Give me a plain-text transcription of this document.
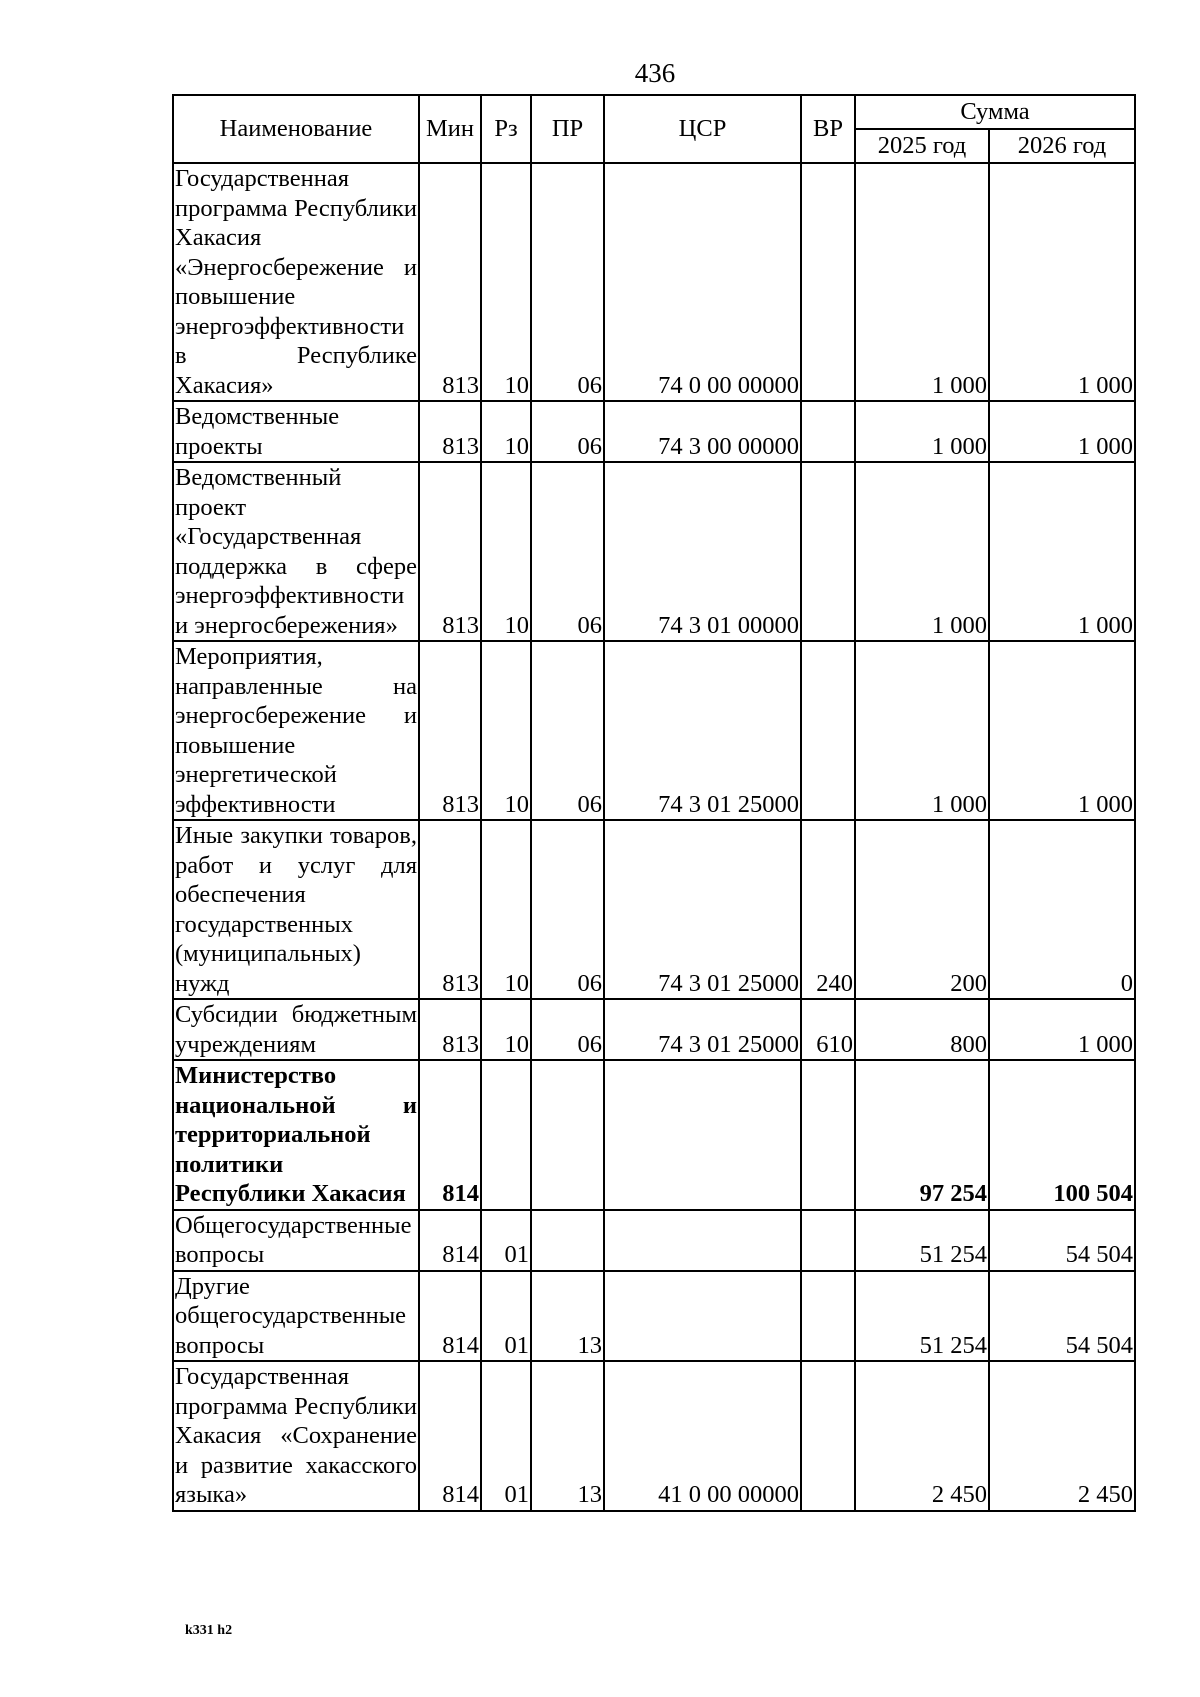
436
Наименование	Мин	Рз	ПР	ЦСР	ВР	Сумма	
						2025 год	2026 год
Государственная программа Республики Хакасия «Энергосбережение и повышение энергоэффективности в Республике Хакасия»	813	10	06	74 0 00 00000		1 000	1 000
Ведомственные проекты	813	10	06	74 3 00 00000		1 000	1 000
Ведомственный проект «Государственная поддержка в сфере энергоэффективности и энергосбережения»	813	10	06	74 3 01 00000		1 000	1 000
Мероприятия, направленные на энергосбережение и повышение энергетической эффективности	813	10	06	74 3 01 25000		1 000	1 000
Иные закупки товаров, работ и услуг для обеспечения государственных (муниципальных) нужд	813	10	06	74 3 01 25000	240	200	0
Субсидии бюджетным учреждениям	813	10	06	74 3 01 25000	610	800	1 000
Министерство национальной и территориальной политики Республики Хакасия	814					97 254	100 504
Общегосударственные вопросы	814	01				51 254	54 504
Другие общегосударственные вопросы	814	01	13			51 254	54 504
Государственная программа Республики Хакасия «Сохранение и развитие хакасского языка»	814	01	13	41 0 00 00000		2 450	2 450
k331 h2
